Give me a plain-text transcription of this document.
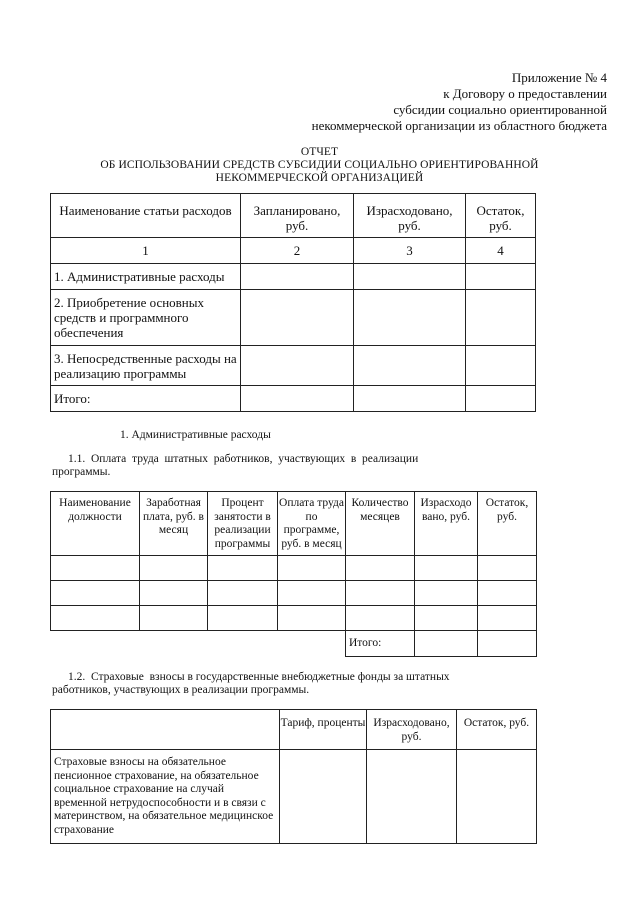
Приложение № 4
к Договору о предоставлении
субсидии социально ориентированной
некоммерческой организации из областного бюджета
ОТЧЕТ
ОБ ИСПОЛЬЗОВАНИИ СРЕДСТВ СУБСИДИИ СОЦИАЛЬНО ОРИЕНТИРОВАННОЙ
НЕКОММЕРЧЕСКОЙ ОРГАНИЗАЦИЕЙ
Наименование статьи расходов	Запланировано, руб.	Израсходовано, руб.	Остаток, руб.
1	2	3	4
1. Административные расходы			
2. Приобретение основных средств и программного обеспечения			
3. Непосредственные расходы на реализацию программы			
Итого:			
1. Административные расходы
1.1.  Оплата  труда  штатных  работников,  участвующих  в  реализации
программы.
Наименование должности	Заработная плата, руб. в месяц	Процент занятости в реализации программы	Оплата труда по программе, руб. в месяц	Количество месяцев	Израсходо вано, руб.	Остаток, руб.

				Итого:		
1.2.  Страховые  взносы в государственные внебюджетные фонды за штатных
работников, участвующих в реализации программы.
	Тариф, проценты	Израсходовано, руб.	Остаток, руб.
Страховые взносы на обязательное пенсионное страхование, на обязательное социальное страхование на случай временной нетрудоспособности и в связи с материнством, на обязательное медицинское страхование			
